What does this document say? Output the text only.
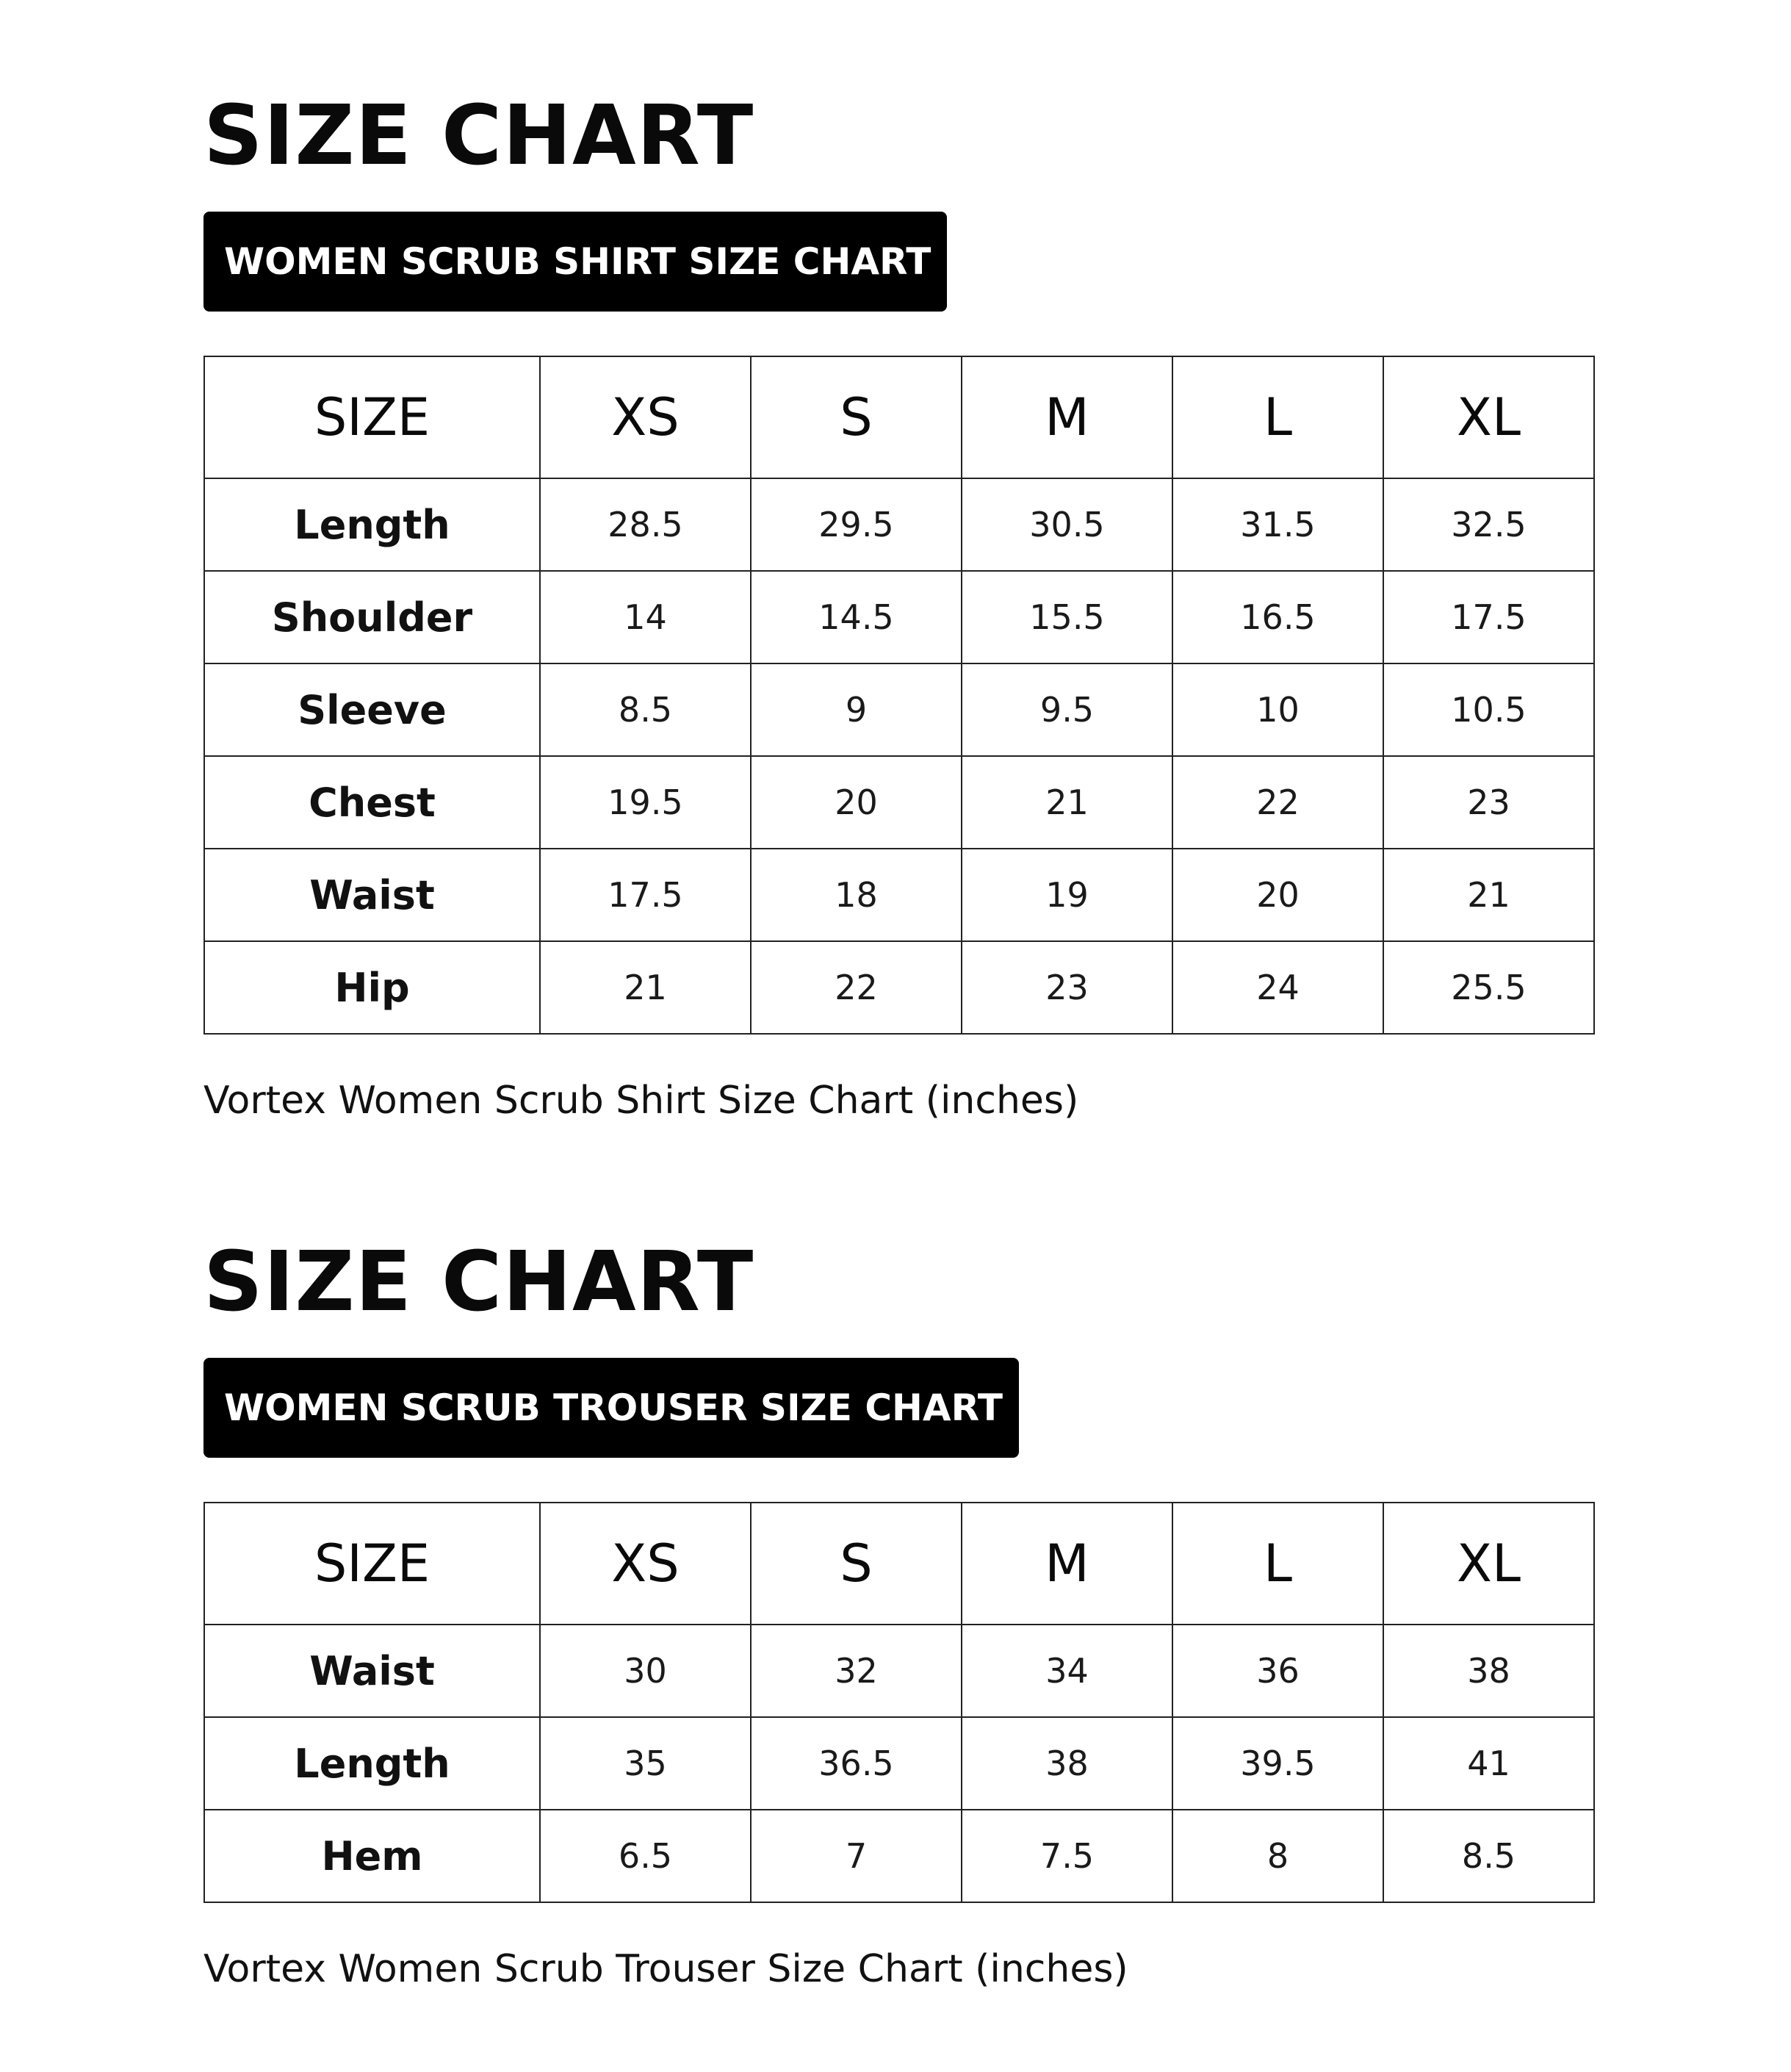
SIZE CHART
WOMEN SCRUB SHIRT SIZE CHART
SIZE	XS	S	M	L	XL
Length	28.5	29.5	30.5	31.5	32.5
Shoulder	14	14.5	15.5	16.5	17.5
Sleeve	8.5	9	9.5	10	10.5
Chest	19.5	20	21	22	23
Waist	17.5	18	19	20	21
Hip	21	22	23	24	25.5
Vortex Women Scrub Shirt Size Chart (inches)
SIZE CHART
WOMEN SCRUB TROUSER SIZE CHART
SIZE	XS	S	M	L	XL
Waist	30	32	34	36	38
Length	35	36.5	38	39.5	41
Hem	6.5	7	7.5	8	8.5
Vortex Women Scrub Trouser Size Chart (inches)
